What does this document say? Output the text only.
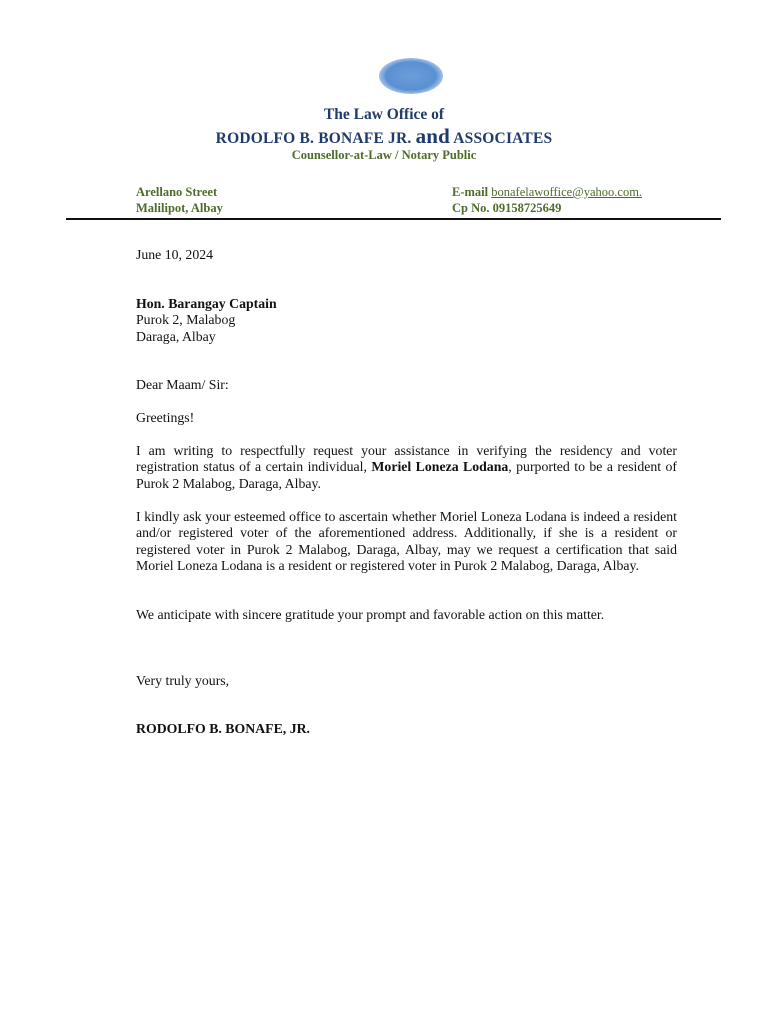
The Law Office of
RODOLFO B. BONAFE JR. and ASSOCIATES
Counsellor-at-Law / Notary Public
Arellano Street
Malilipot, Albay
E-mail bonafelawoffice@yahoo.com.
Cp No. 09158725649
June 10, 2024
Hon. Barangay Captain
Purok 2, Malabog
Daraga, Albay
Dear Maam/ Sir:
Greetings!
I am writing to respectfully request your assistance in verifying the residency and voter registration status of a certain individual, Moriel Loneza Lodana, purported to be a resident of Purok 2 Malabog, Daraga, Albay.
I kindly ask your esteemed office to ascertain whether Moriel Loneza Lodana is indeed a resident and/or registered voter of the aforementioned address. Additionally, if she is a resident or registered voter in Purok 2 Malabog, Daraga, Albay, may we request a certification that said Moriel Loneza Lodana is a resident or registered voter in Purok 2 Malabog, Daraga, Albay.
We anticipate with sincere gratitude your prompt and favorable action on this matter.
Very truly yours,
RODOLFO B. BONAFE, JR.
